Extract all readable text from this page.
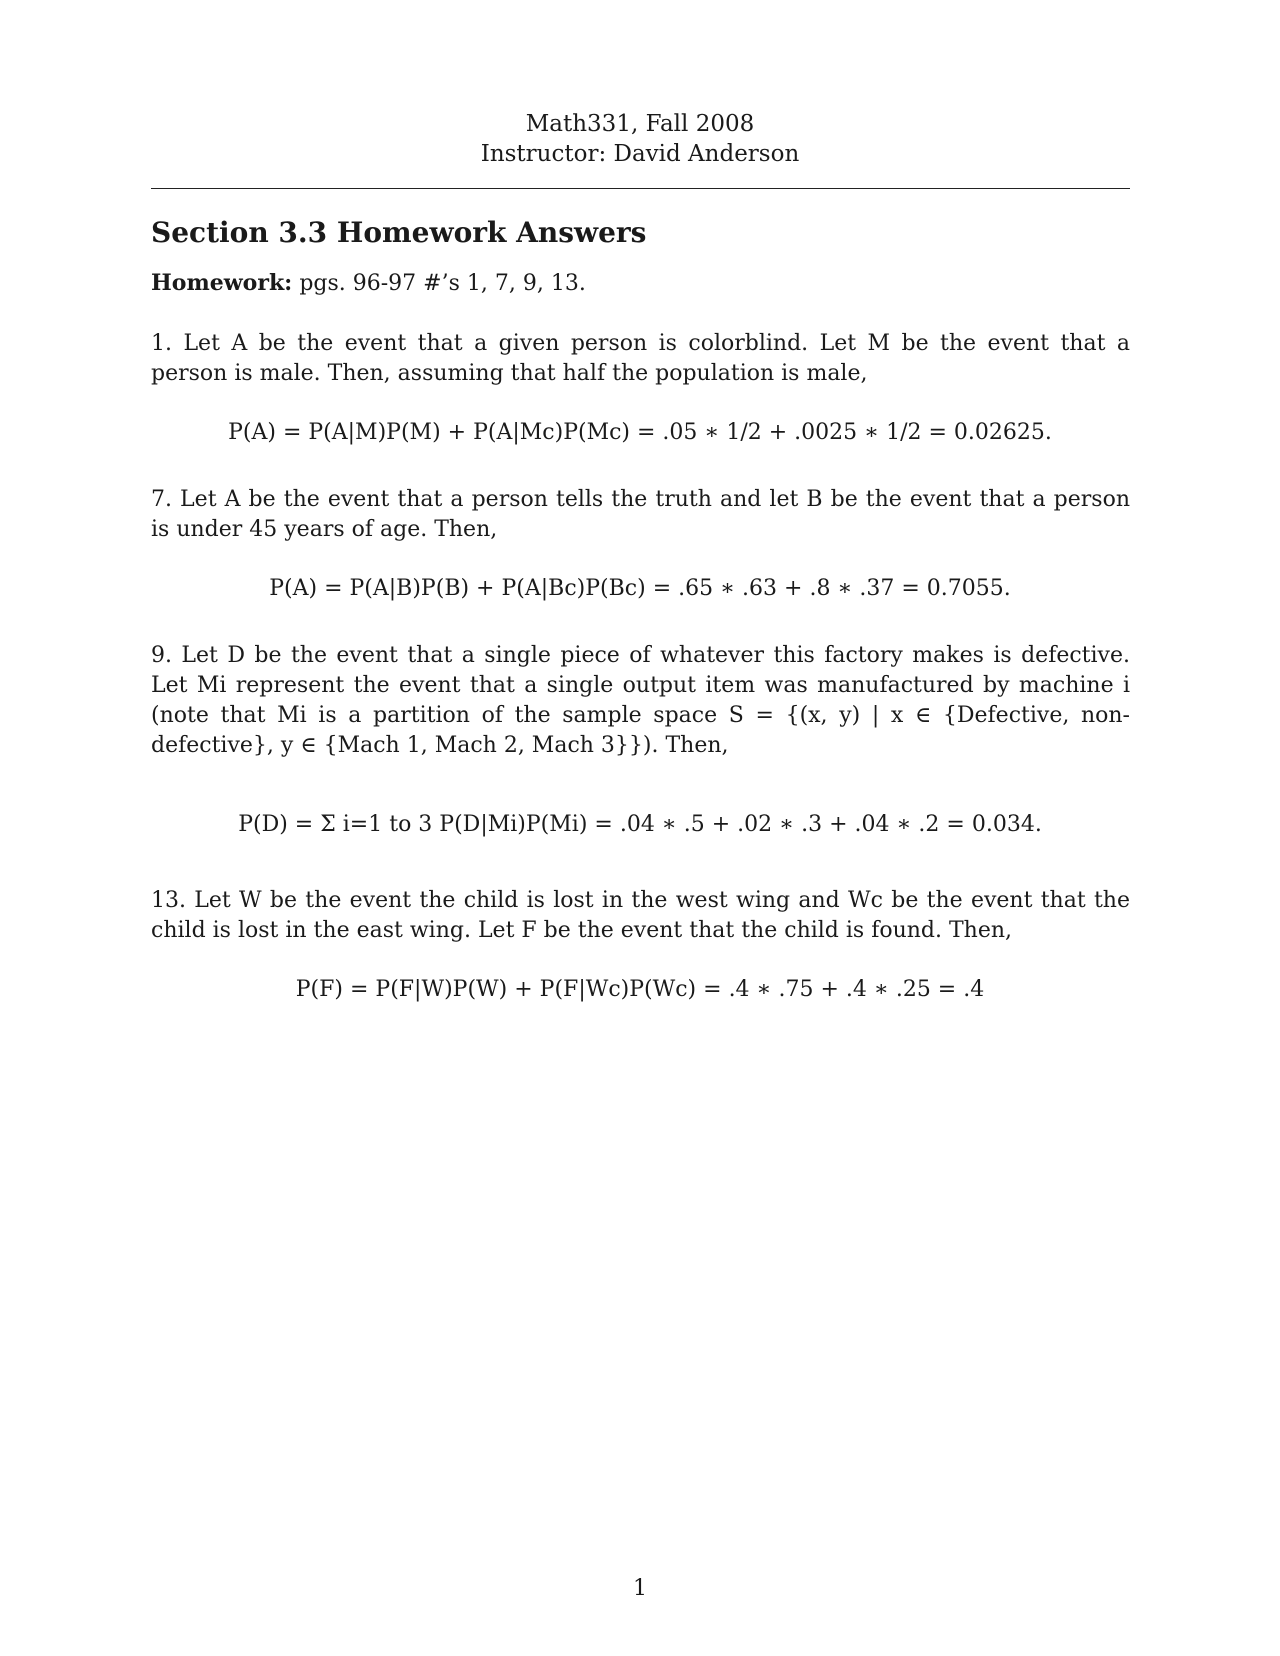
Math331, Fall 2008
Instructor: David Anderson
Section 3.3 Homework Answers
Homework: pgs. 96-97 #’s 1, 7, 9, 13.
1. Let A be the event that a given person is colorblind. Let M be the event that a person is male. Then, assuming that half the population is male,
P(A) = P(A|M)P(M) + P(A|Mc)P(Mc) = .05 ∗ 1/2 + .0025 ∗ 1/2 = 0.02625.
7. Let A be the event that a person tells the truth and let B be the event that a person is under 45 years of age. Then,
P(A) = P(A|B)P(B) + P(A|Bc)P(Bc) = .65 ∗ .63 + .8 ∗ .37 = 0.7055.
9. Let D be the event that a single piece of whatever this factory makes is defective. Let Mi represent the event that a single output item was manufactured by machine i (note that Mi is a partition of the sample space S = {(x, y) | x ∈ {Defective, non-defective}, y ∈ {Mach 1, Mach 2, Mach 3}}). Then,
P(D) = Σ i=1 to 3 P(D|Mi)P(Mi) = .04 ∗ .5 + .02 ∗ .3 + .04 ∗ .2 = 0.034.
13. Let W be the event the child is lost in the west wing and Wc be the event that the child is lost in the east wing. Let F be the event that the child is found. Then,
P(F) = P(F|W)P(W) + P(F|Wc)P(Wc) = .4 ∗ .75 + .4 ∗ .25 = .4
1
